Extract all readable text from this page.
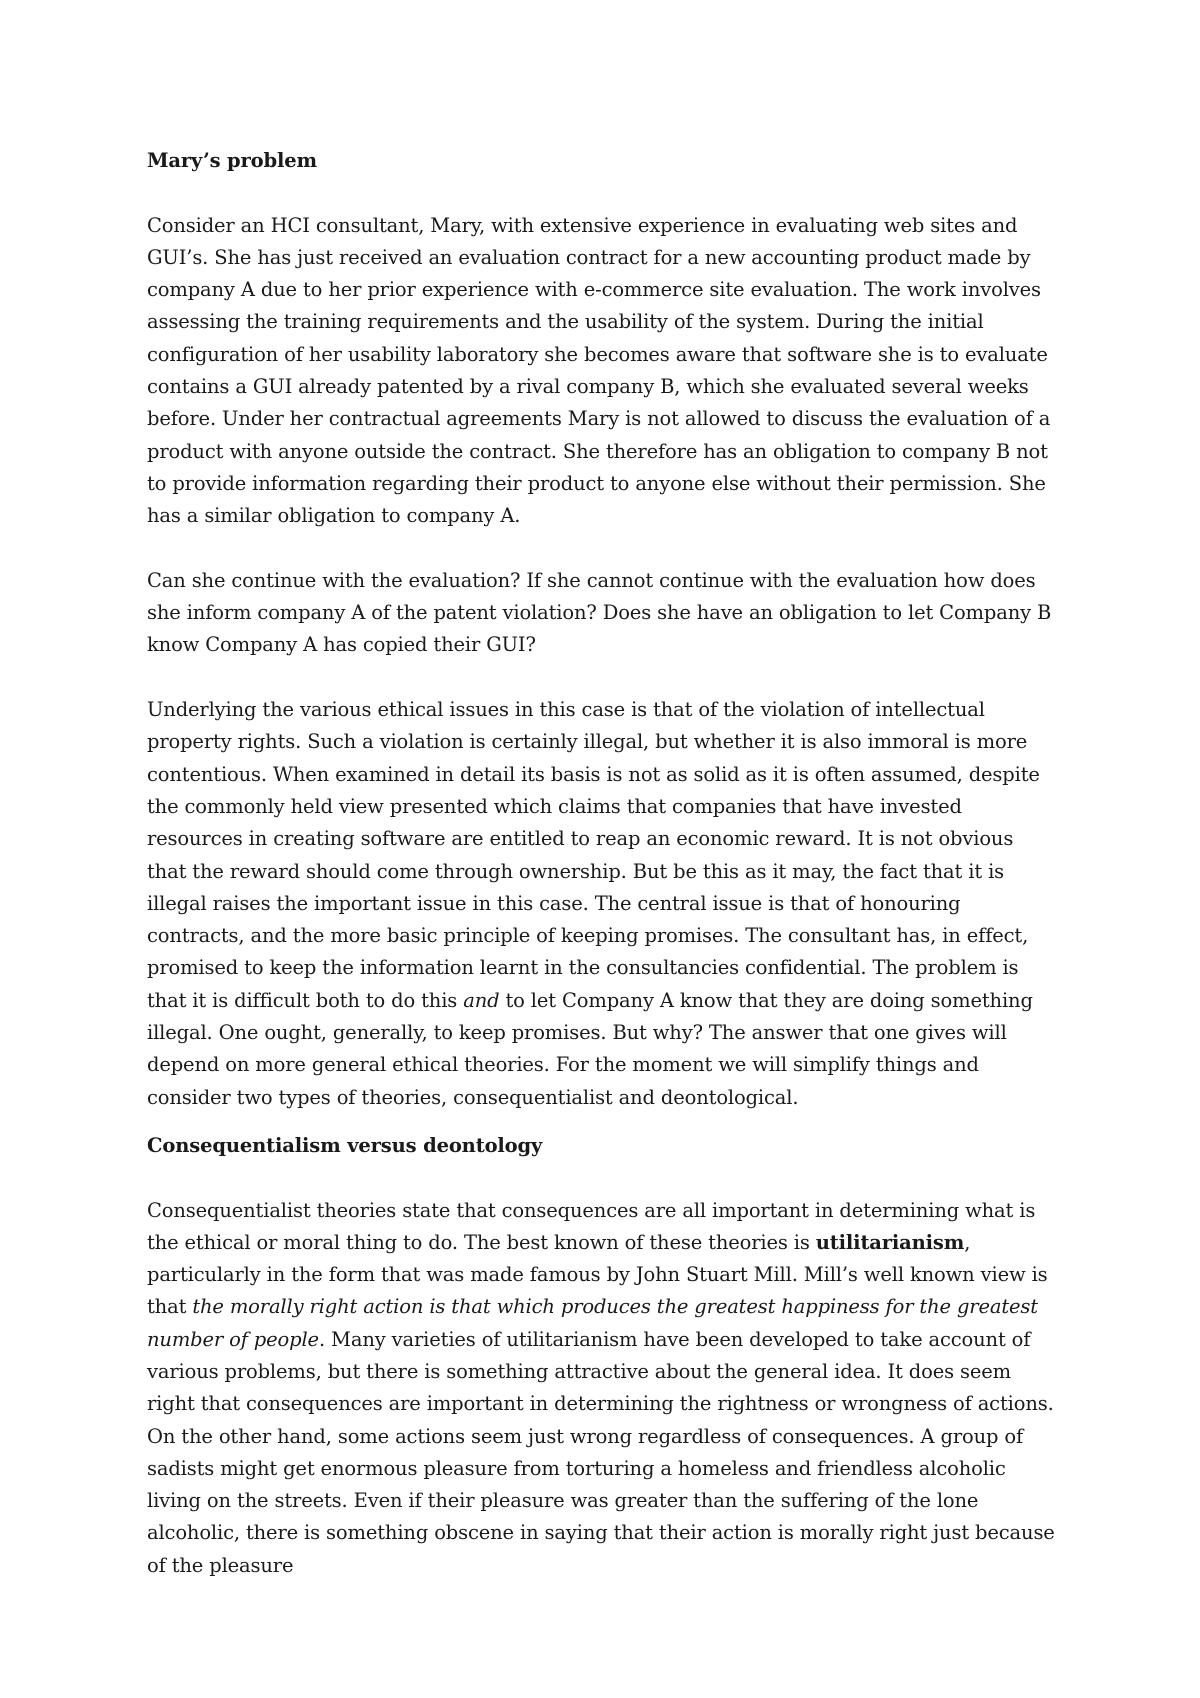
Mary’s problem

Consider an HCI consultant, Mary, with extensive experience in evaluating web sites and GUI’s. She has just received an evaluation contract for a new accounting product made by company A due to her prior experience with e-commerce site evaluation. The work involves assessing the training requirements and the usability of the system. During the initial configuration of her usability laboratory she becomes aware that software she is to evaluate contains a GUI already patented by a rival company B, which she evaluated several weeks before. Under her contractual agreements Mary is not allowed to discuss the evaluation of a product with anyone outside the contract. She therefore has an obligation to company B not to provide information regarding their product to anyone else without their permission. She has a similar obligation to company A.

Can she continue with the evaluation? If she cannot continue with the evaluation how does she inform company A of the patent violation? Does she have an obligation to let Company B know Company A has copied their GUI?

Underlying the various ethical issues in this case is that of the violation of intellectual property rights. Such a violation is certainly illegal, but whether it is also immoral is more contentious. When examined in detail its basis is not as solid as it is often assumed, despite the commonly held view presented which claims that companies that have invested resources in creating software are entitled to reap an economic reward. It is not obvious that the reward should come through ownership. But be this as it may, the fact that it is illegal raises the important issue in this case. The central issue is that of honouring contracts, and the more basic principle of keeping promises. The consultant has, in effect, promised to keep the information learnt in the consultancies confidential. The problem is that it is difficult both to do this and to let Company A know that they are doing something illegal. One ought, generally, to keep promises. But why? The answer that one gives will depend on more general ethical theories. For the moment we will simplify things and consider two types of theories, consequentialist and deontological.

Consequentialism versus deontology

Consequentialist theories state that consequences are all important in determining what is the ethical or moral thing to do. The best known of these theories is utilitarianism, particularly in the form that was made famous by John Stuart Mill. Mill’s well known view is that the morally right action is that which produces the greatest happiness for the greatest number of people. Many varieties of utilitarianism have been developed to take account of various problems, but there is something attractive about the general idea. It does seem right that consequences are important in determining the rightness or wrongness of actions. On the other hand, some actions seem just wrong regardless of consequences. A group of sadists might get enormous pleasure from torturing a homeless and friendless alcoholic living on the streets. Even if their pleasure was greater than the suffering of the lone alcoholic, there is something obscene in saying that their action is morally right just because of the pleasure
